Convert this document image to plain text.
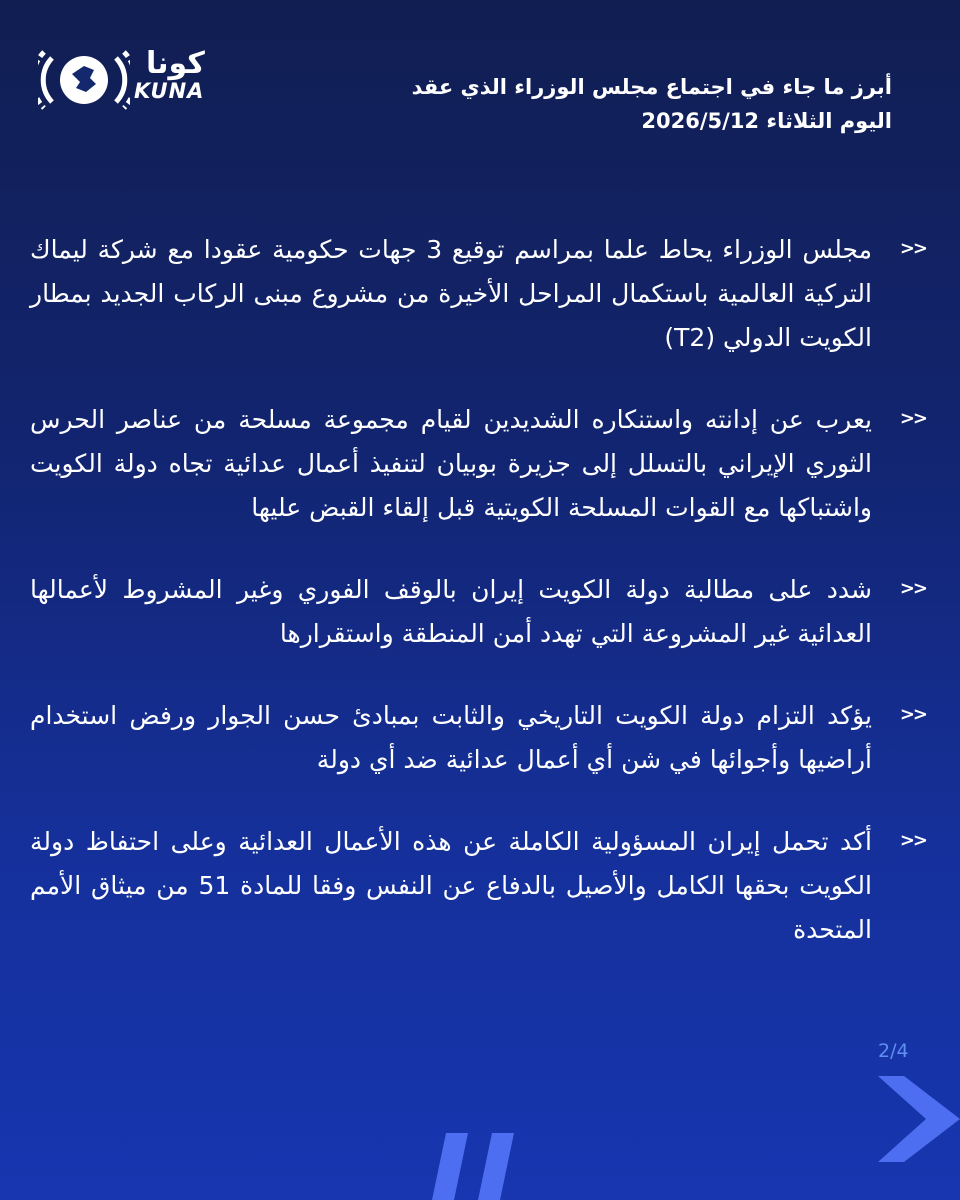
كونا
KUNA	أبرز ما جاء في اجتماع مجلس الوزراء الذي عقد اليوم الثلاثاء 2026/5/12
>>
مجلس الوزراء يحاط علما بمراسم توقيع 3 جهات حكومية عقودا مع شركة ليماك التركية العالمية باستكمال المراحل الأخيرة من مشروع مبنى الركاب الجديد بمطار الكويت الدولي (T2)
>>
يعرب عن إدانته واستنكاره الشديدين لقيام مجموعة مسلحة من عناصر الحرس الثوري الإيراني بالتسلل إلى جزيرة بوبيان لتنفيذ أعمال عدائية تجاه دولة الكويت واشتباكها مع القوات المسلحة الكويتية قبل إلقاء القبض عليها
>>
شدد على مطالبة دولة الكويت إيران بالوقف الفوري وغير المشروط لأعمالها العدائية غير المشروعة التي تهدد أمن المنطقة واستقرارها
>>
يؤكد التزام دولة الكويت التاريخي والثابت بمبادئ حسن الجوار ورفض استخدام أراضيها وأجوائها في شن أي أعمال عدائية ضد أي دولة
>>
أكد تحمل إيران المسؤولية الكاملة عن هذه الأعمال العدائية وعلى احتفاظ دولة الكويت بحقها الكامل والأصيل بالدفاع عن النفس وفقا للمادة 51 من ميثاق الأمم المتحدة
2/4
